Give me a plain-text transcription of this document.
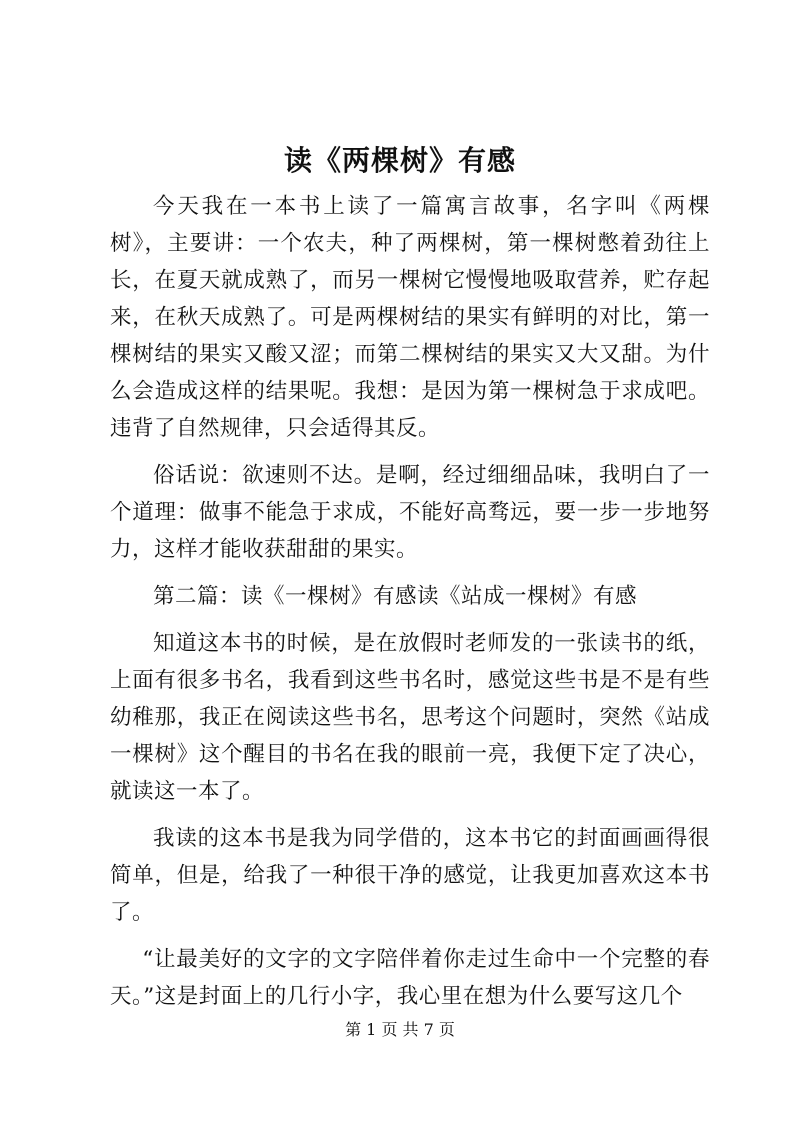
读《两棵树》有感

今天我在一本书上读了一篇寓言故事，名字叫《两棵树》，主要讲：一个农夫，种了两棵树，第一棵树憋着劲往上长，在夏天就成熟了，而另一棵树它慢慢地吸取营养，贮存起来，在秋天成熟了。可是两棵树结的果实有鲜明的对比，第一棵树结的果实又酸又涩；而第二棵树结的果实又大又甜。为什么会造成这样的结果呢。我想：是因为第一棵树急于求成吧。违背了自然规律，只会适得其反。

俗话说：欲速则不达。是啊，经过细细品味，我明白了一个道理：做事不能急于求成，不能好高骛远，要一步一步地努力，这样才能收获甜甜的果实。

第二篇：读《一棵树》有感读《站成一棵树》有感

知道这本书的时候，是在放假时老师发的一张读书的纸，上面有很多书名，我看到这些书名时，感觉这些书是不是有些幼稚那，我正在阅读这些书名，思考这个问题时，突然《站成一棵树》这个醒目的书名在我的眼前一亮，我便下定了决心，就读这一本了。

我读的这本书是我为同学借的，这本书它的封面画画得很简单，但是，给我了一种很干净的感觉，让我更加喜欢这本书了。

“让最美好的文字的文字陪伴着你走过生命中一个完整的春天。”这是封面上的几行小字，我心里在想为什么要写这几个

第 1 页 共 7 页
